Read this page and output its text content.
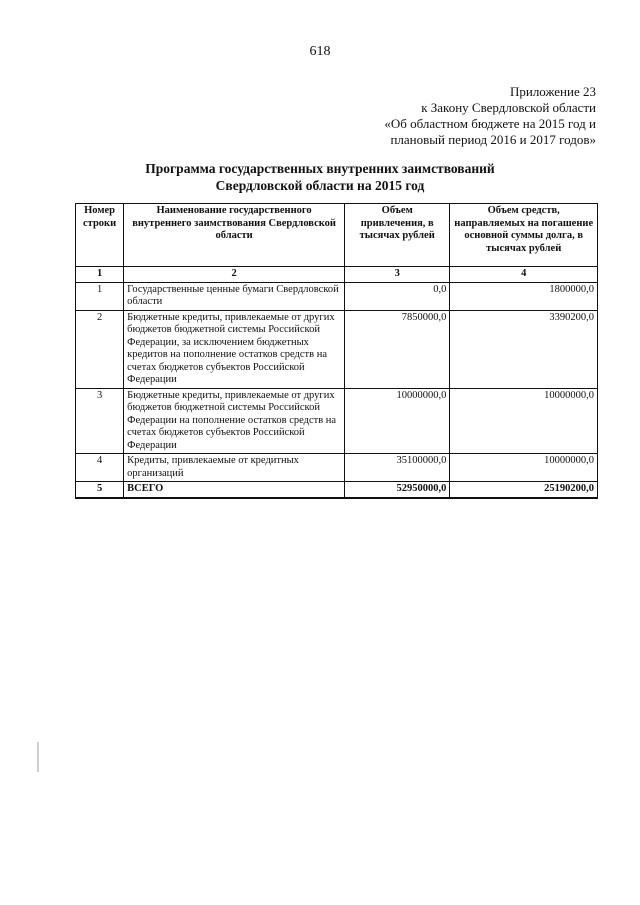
618
Приложение 23
к Закону Свердловской области
«Об областном бюджете на 2015 год и
плановый период 2016 и 2017 годов»
Программа государственных внутренних заимствований
Свердловской области на 2015 год
Номер строки	Наименование государственного внутреннего заимствования Свердловской области	Объем привлечения, в тысячах рублей	Объем средств, направляемых на погашение основной суммы долга, в тысячах рублей
1	2	3	4
1	Государственные ценные бумаги Свердловской области	0,0	1800000,0
2	Бюджетные кредиты, привлекаемые от других бюджетов бюджетной системы Российской Федерации, за исключением бюджетных кредитов на пополнение остатков средств на счетах бюджетов субъектов Российской Федерации	7850000,0	3390200,0
3	Бюджетные кредиты, привлекаемые от других бюджетов бюджетной системы Российской Федерации на пополнение остатков средств на счетах бюджетов субъектов Российской Федерации	10000000,0	10000000,0
4	Кредиты, привлекаемые от кредитных организаций	35100000,0	10000000,0
5	ВСЕГО	52950000,0	25190200,0
